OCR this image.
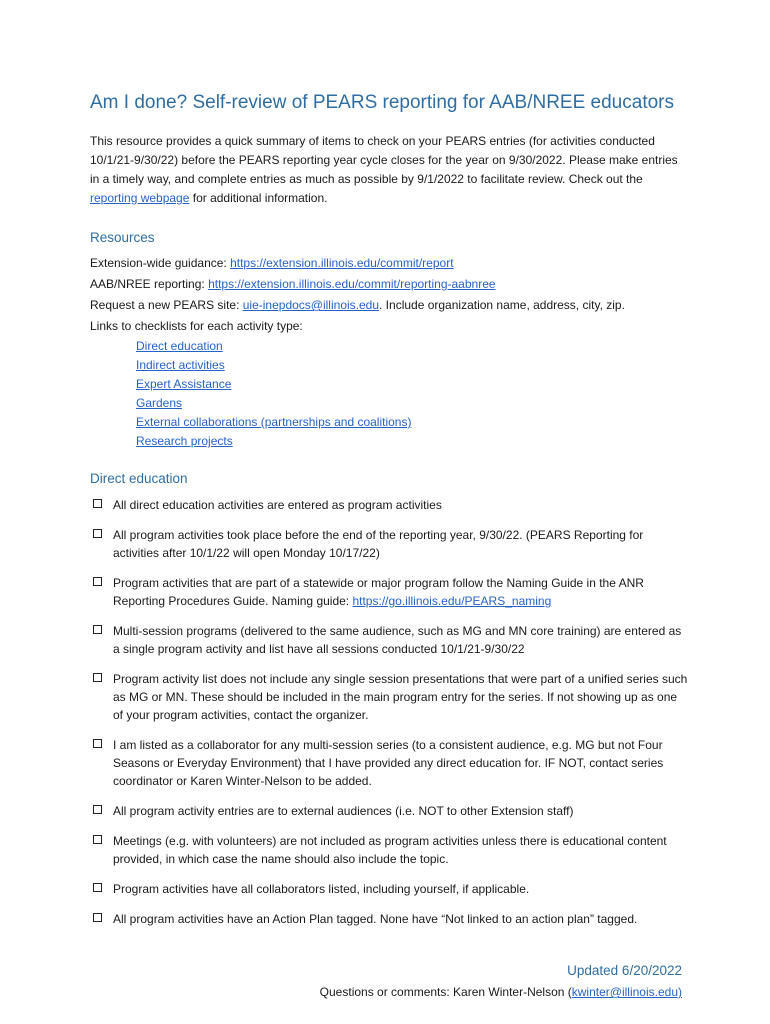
Am I done? Self-review of PEARS reporting for AAB/NREE educators

This resource provides a quick summary of items to check on your PEARS entries (for activities conducted 10/1/21-9/30/22) before the PEARS reporting year cycle closes for the year on 9/30/2022. Please make entries in a timely way, and complete entries as much as possible by 9/1/2022 to facilitate review. Check out the reporting webpage for additional information.

Resources
Extension-wide guidance: https://extension.illinois.edu/commit/report
AAB/NREE reporting: https://extension.illinois.edu/commit/reporting-aabnree
Request a new PEARS site: uie-inepdocs@illinois.edu. Include organization name, address, city, zip.
Links to checklists for each activity type:
Direct education
Indirect activities
Expert Assistance
Gardens
External collaborations (partnerships and coalitions)
Research projects
Direct education
All direct education activities are entered as program activities
All program activities took place before the end of the reporting year, 9/30/22. (PEARS Reporting for activities after 10/1/22 will open Monday 10/17/22)
Program activities that are part of a statewide or major program follow the Naming Guide in the ANR Reporting Procedures Guide. Naming guide: https://go.illinois.edu/PEARS_naming
Multi-session programs (delivered to the same audience, such as MG and MN core training) are entered as a single program activity and list have all sessions conducted 10/1/21-9/30/22
Program activity list does not include any single session presentations that were part of a unified series such as MG or MN. These should be included in the main program entry for the series. If not showing up as one of your program activities, contact the organizer.
I am listed as a collaborator for any multi-session series (to a consistent audience, e.g. MG but not Four Seasons or Everyday Environment) that I have provided any direct education for. IF NOT, contact series coordinator or Karen Winter-Nelson to be added.
All program activity entries are to external audiences (i.e. NOT to other Extension staff)
Meetings (e.g. with volunteers) are not included as program activities unless there is educational content provided, in which case the name should also include the topic.
Program activities have all collaborators listed, including yourself, if applicable.
All program activities have an Action Plan tagged. None have “Not linked to an action plan” tagged.
Updated 6/20/2022
Questions or comments: Karen Winter-Nelson (kwinter@illinois.edu)
